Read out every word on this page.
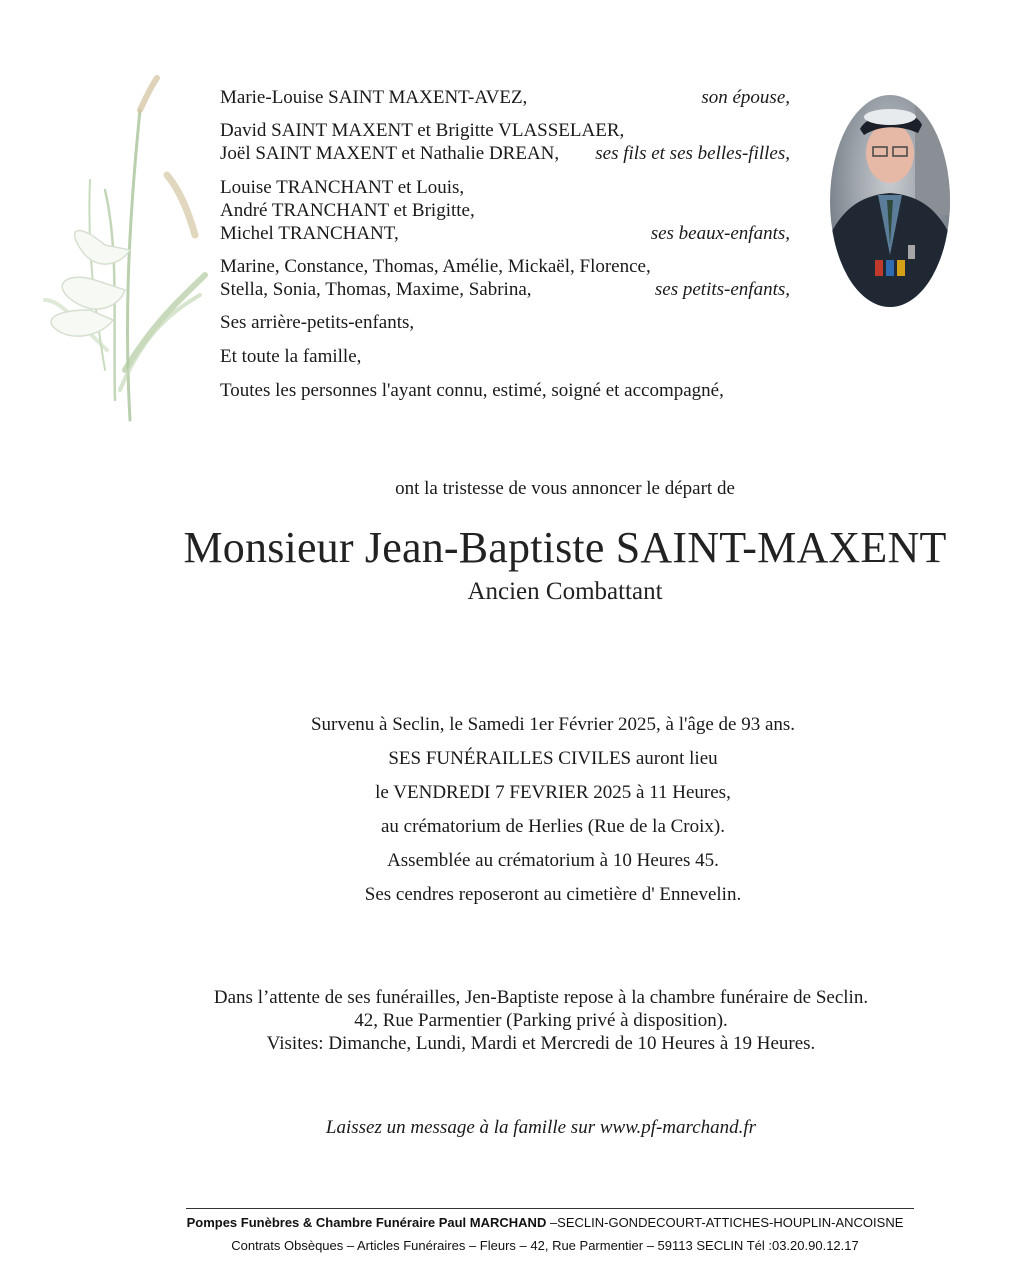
Marie-Louise SAINT MAXENT-AVEZ,	son épouse,
David SAINT MAXENT et Brigitte VLASSELAER,
Joël SAINT MAXENT et Nathalie DREAN, ses fils et ses belles-filles,
Louise TRANCHANT et Louis,
André TRANCHANT et Brigitte,
Michel TRANCHANT,	ses beaux-enfants,
Marine, Constance, Thomas, Amélie, Mickaël, Florence,
Stella, Sonia, Thomas, Maxime, Sabrina,	ses petits-enfants,
Ses arrière-petits-enfants,
Et toute la famille,
Toutes les personnes l'ayant connu, estimé, soigné et accompagné,
ont la tristesse de vous annoncer le départ de
Monsieur Jean-Baptiste SAINT-MAXENT
Ancien Combattant
Survenu à Seclin, le Samedi 1er Février 2025, à l'âge de 93 ans.
SES FUNÉRAILLES CIVILES auront lieu
le VENDREDI 7 FEVRIER 2025 à 11 Heures,
au crématorium de Herlies (Rue de la Croix).
Assemblée au crématorium à 10 Heures 45.
Ses cendres reposeront au cimetière d' Ennevelin.
Dans l’attente de ses funérailles, Jen-Baptiste repose à la chambre funéraire de Seclin.
42, Rue Parmentier (Parking privé à disposition).
Visites: Dimanche, Lundi, Mardi et Mercredi de 10 Heures à 19 Heures.
Laissez un message à la famille sur www.pf-marchand.fr
Pompes Funèbres & Chambre Funéraire Paul MARCHAND –SECLIN-GONDECOURT-ATTICHES-HOUPLIN-ANCOISNE
Contrats Obsèques – Articles Funéraires – Fleurs – 42, Rue Parmentier – 59113 SECLIN Tél :03.20.90.12.17
